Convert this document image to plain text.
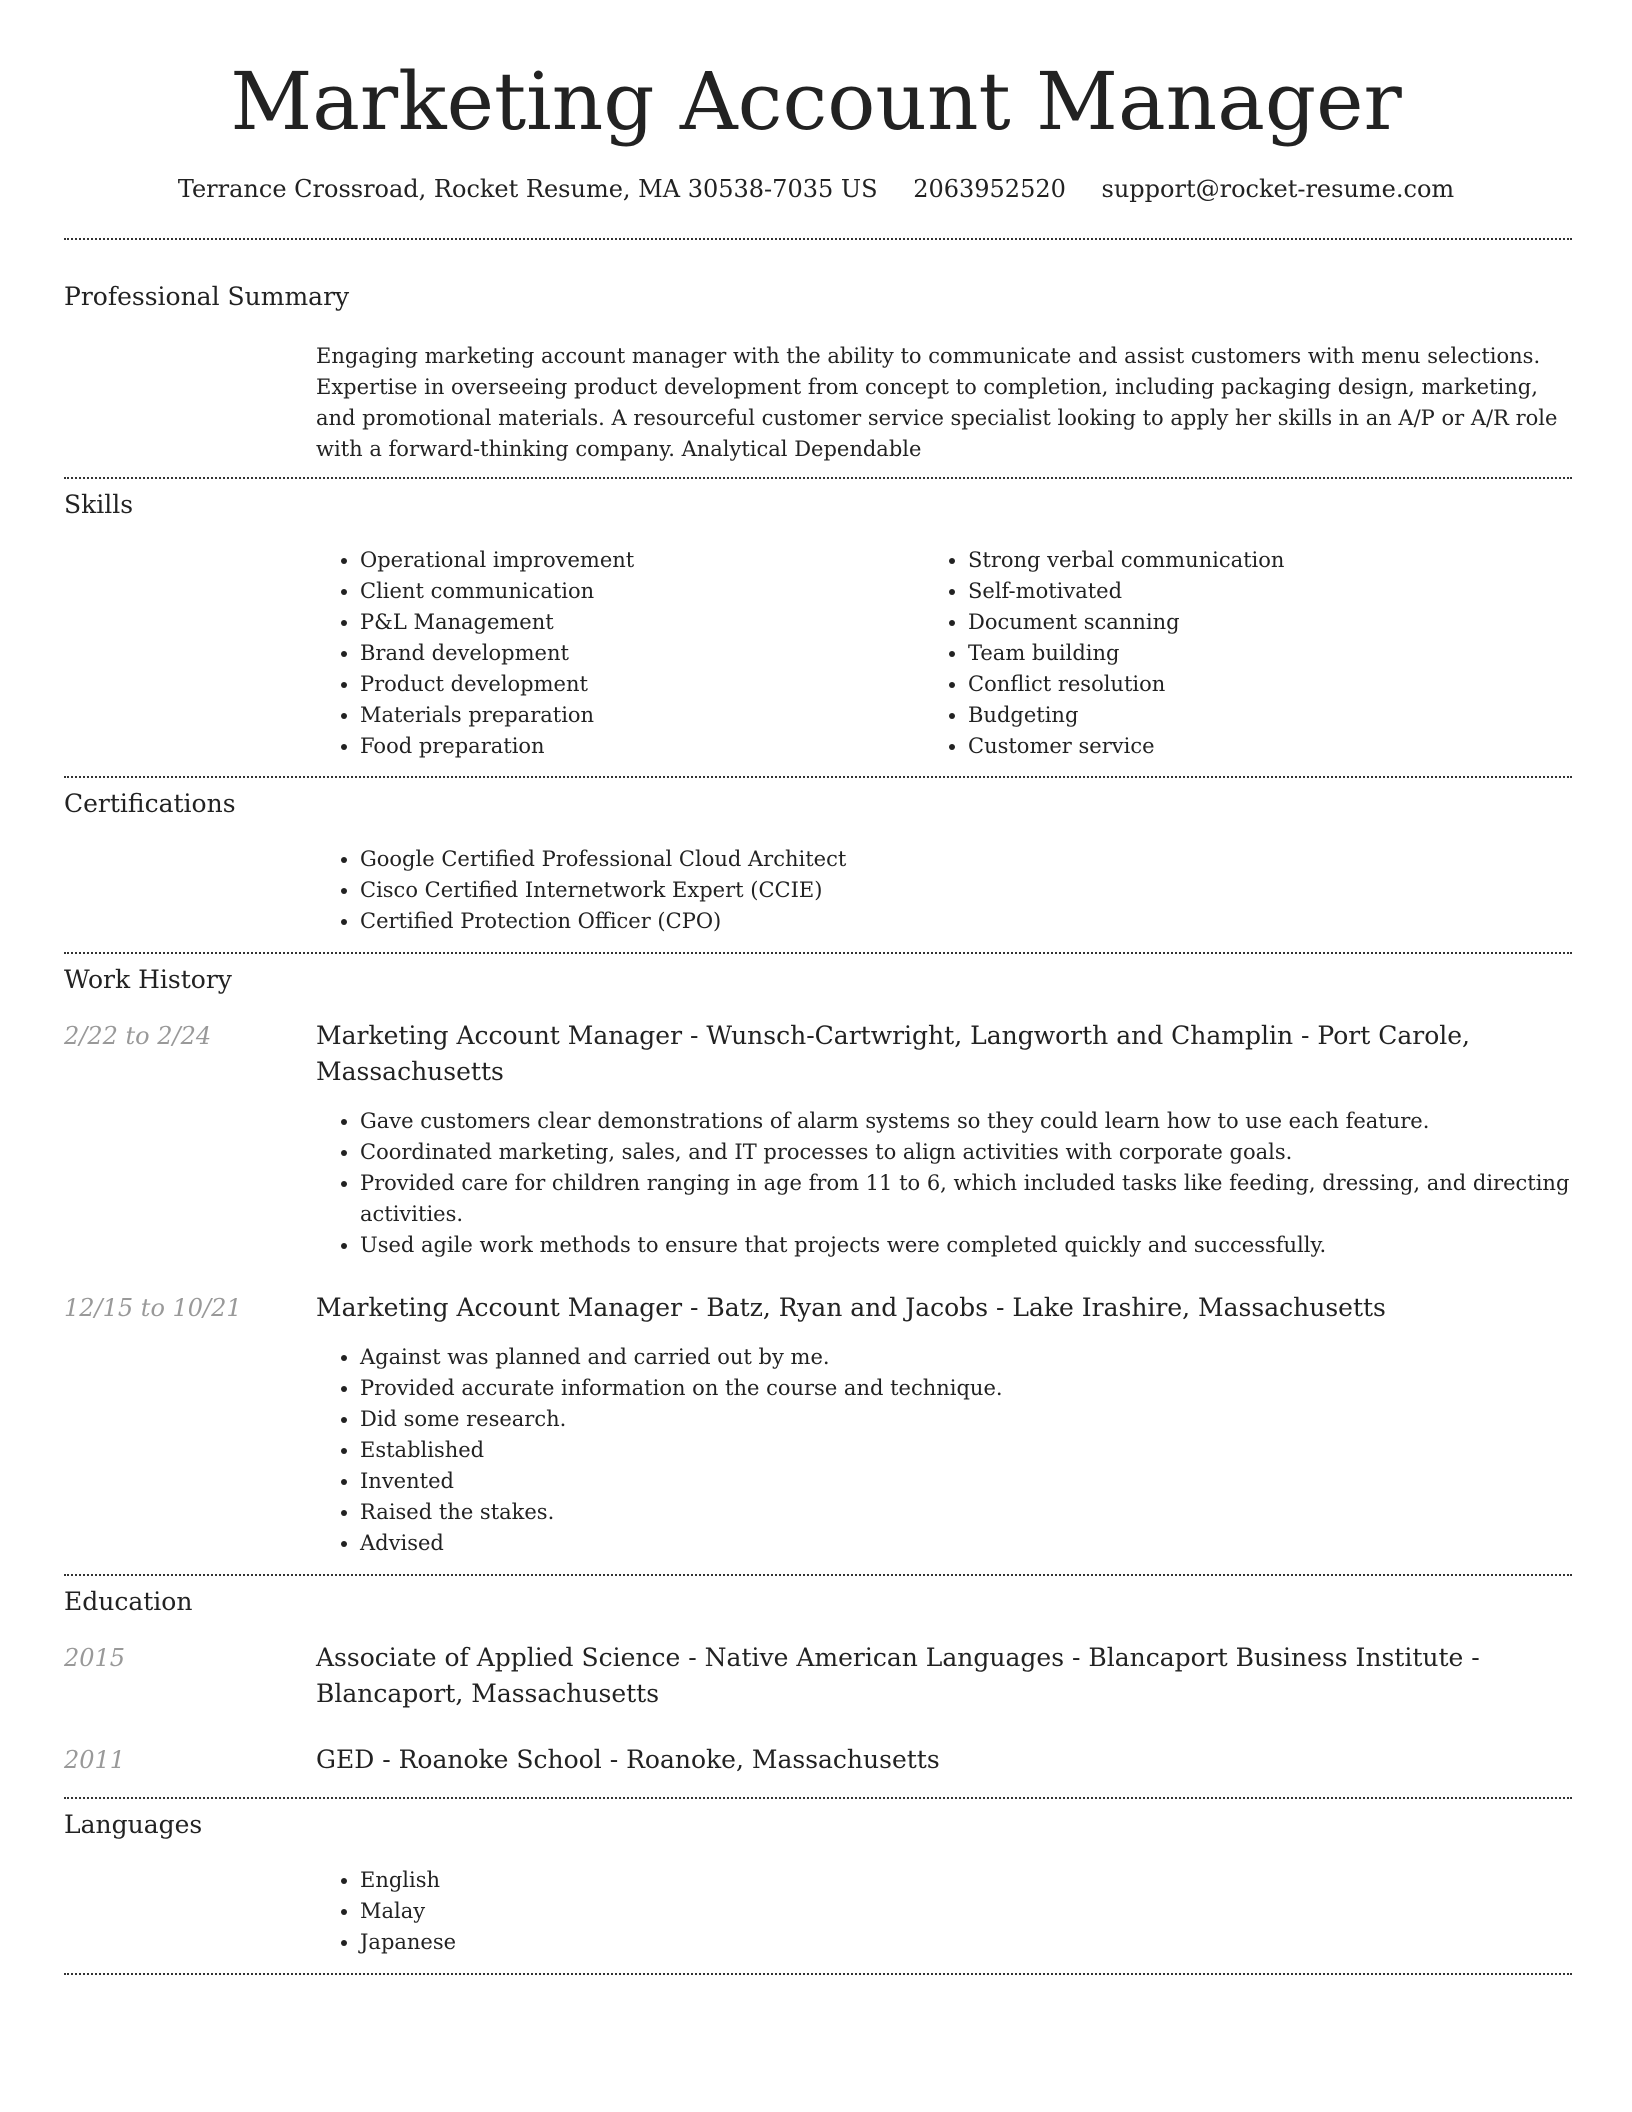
Marketing Account Manager
Terrance Crossroad, Rocket Resume, MA 30538-7035 US 2063952520 support@rocket-resume.com
Professional Summary
Engaging marketing account manager with the ability to communicate and assist customers with menu selections. Expertise in overseeing product development from concept to completion, including packaging design, marketing, and promotional materials. A resourceful customer service specialist looking to apply her skills in an A/P or A/R role with a forward-thinking company. Analytical Dependable
Skills
• Operational improvement
• Client communication
• P&L Management
• Brand development
• Product development
• Materials preparation
• Food preparation
• Strong verbal communication
• Self-motivated
• Document scanning
• Team building
• Conflict resolution
• Budgeting
• Customer service
Certifications
• Google Certified Professional Cloud Architect
• Cisco Certified Internetwork Expert (CCIE)
• Certified Protection Officer (CPO)
Work History
2/22 to 2/24	Marketing Account Manager - Wunsch-Cartwright, Langworth and Champlin - Port Carole, Massachusetts
• Gave customers clear demonstrations of alarm systems so they could learn how to use each feature.
• Coordinated marketing, sales, and IT processes to align activities with corporate goals.
• Provided care for children ranging in age from 11 to 6, which included tasks like feeding, dressing, and directing activities.
• Used agile work methods to ensure that projects were completed quickly and successfully.
12/15 to 10/21	Marketing Account Manager - Batz, Ryan and Jacobs - Lake Irashire, Massachusetts
• Against was planned and carried out by me.
• Provided accurate information on the course and technique.
• Did some research.
• Established
• Invented
• Raised the stakes.
• Advised
Education
2015	Associate of Applied Science - Native American Languages - Blancaport Business Institute - Blancaport, Massachusetts
2011	GED - Roanoke School - Roanoke, Massachusetts
Languages
• English
• Malay
• Japanese
